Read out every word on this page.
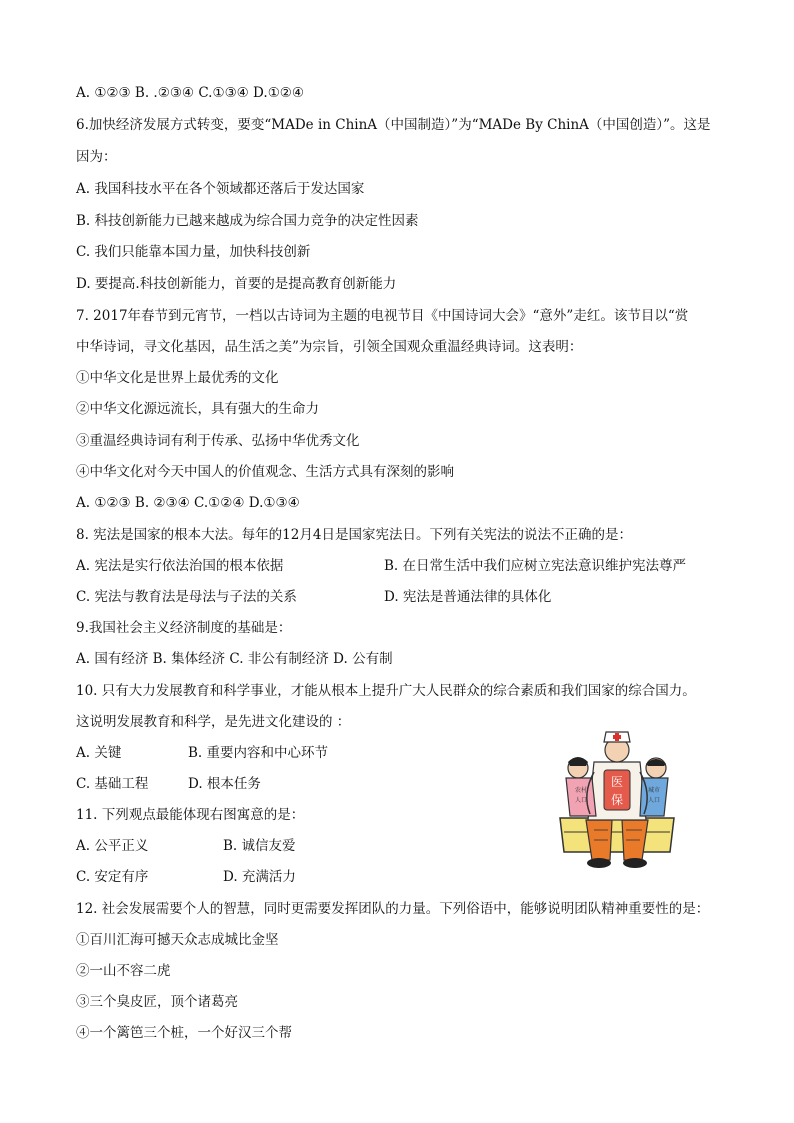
A. ①②③ B. .②③④ C.①③④ D.①②④
6.加快经济发展方式转变，要变“MADe in ChinA（中国制造）”为“MADe By ChinA（中国创造）”。这是
因为：
A. 我国科技水平在各个领域都还落后于发达国家
B. 科技创新能力已越来越成为综合国力竞争的决定性因素
C. 我们只能靠本国力量，加快科技创新
D. 要提高.科技创新能力，首要的是提高教育创新能力
7. 2017年春节到元宵节，一档以古诗词为主题的电视节目《中国诗词大会》“意外”走红。该节目以“赏
中华诗词，寻文化基因，品生活之美”为宗旨，引领全国观众重温经典诗词。这表明：
①中华文化是世界上最优秀的文化
②中华文化源远流长，具有强大的生命力
③重温经典诗词有利于传承、弘扬中华优秀文化
④中华文化对今天中国人的价值观念、生活方式具有深刻的影响
A. ①②③ B. ②③④ C.①②④ D.①③④
8. 宪法是国家的根本大法。每年的12月4日是国家宪法日。下列有关宪法的说法不正确的是：
A. 宪法是实行依法治国的根本依据	B. 在日常生活中我们应树立宪法意识维护宪法尊严
C. 宪法与教育法是母法与子法的关系	D. 宪法是普通法律的具体化
9.我国社会主义经济制度的基础是：
A. 国有经济 B. 集体经济 C. 非公有制经济 D. 公有制
10. 只有大力发展教育和科学事业，才能从根本上提升广大人民群众的综合素质和我们国家的综合国力。
这说明发展教育和科学，是先进文化建设的 ：
A. 关键	B. 重要内容和中心环节
C. 基础工程	D. 根本任务
11. 下列观点最能体现右图寓意的是：
A. 公平正义	B. 诚信友爱
C. 安定有序	D. 充满活力
12. 社会发展需要个人的智慧，同时更需要发挥团队的力量。下列俗语中，能够说明团队精神重要性的是：
①百川汇海可撼天众志成城比金坚
②一山不容二虎
③三个臭皮匠，顶个诸葛亮
④一个篱笆三个桩，一个好汉三个帮
医
保
农村
人口
城市
人口
